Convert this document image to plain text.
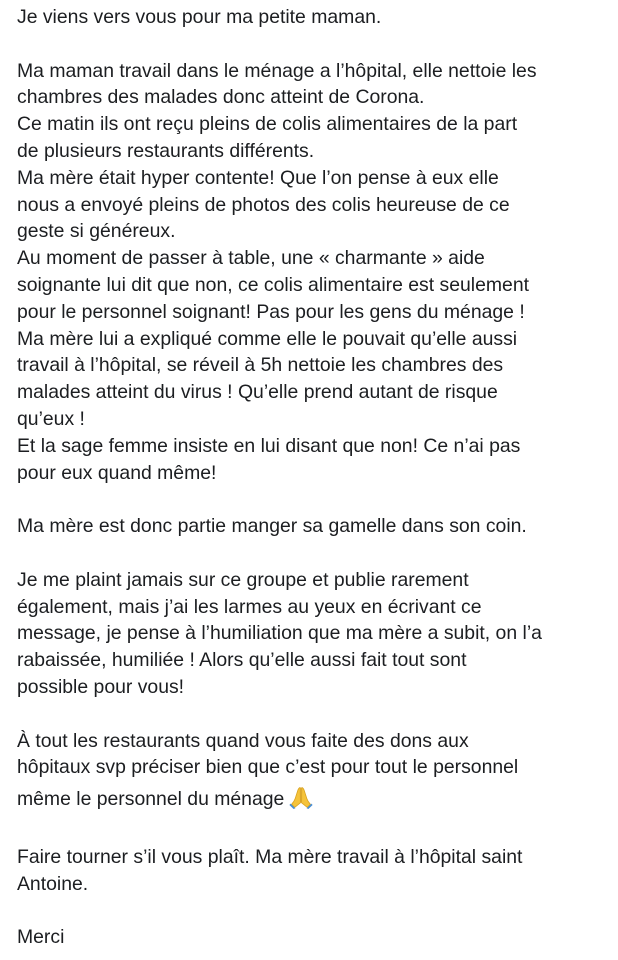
Je viens vers vous pour ma petite maman.
Ma maman travail dans le ménage a l’hôpital, elle nettoie les
chambres des malades donc atteint de Corona.
Ce matin ils ont reçu pleins de colis alimentaires de la part
de plusieurs restaurants différents.
Ma mère était hyper contente! Que l’on pense à eux elle
nous a envoyé pleins de photos des colis heureuse de ce
geste si généreux.
Au moment de passer à table, une « charmante » aide
soignante lui dit que non, ce colis alimentaire est seulement
pour le personnel soignant! Pas pour les gens du ménage !
Ma mère lui a expliqué comme elle le pouvait qu’elle aussi
travail à l’hôpital, se réveil à 5h nettoie les chambres des
malades atteint du virus ! Qu’elle prend autant de risque
qu’eux !
Et la sage femme insiste en lui disant que non! Ce n’ai pas
pour eux quand même!
Ma mère est donc partie manger sa gamelle dans son coin.
Je me plaint jamais sur ce groupe et publie rarement
également, mais j’ai les larmes au yeux en écrivant ce
message, je pense à l’humiliation que ma mère a subit, on l’a
rabaissée, humiliée ! Alors qu’elle aussi fait tout sont
possible pour vous!
À tout les restaurants quand vous faite des dons aux
hôpitaux svp préciser bien que c’est pour tout le personnel
même le personnel du ménage
Faire tourner s’il vous plaît. Ma mère travail à l’hôpital saint
Antoine.
Merci
